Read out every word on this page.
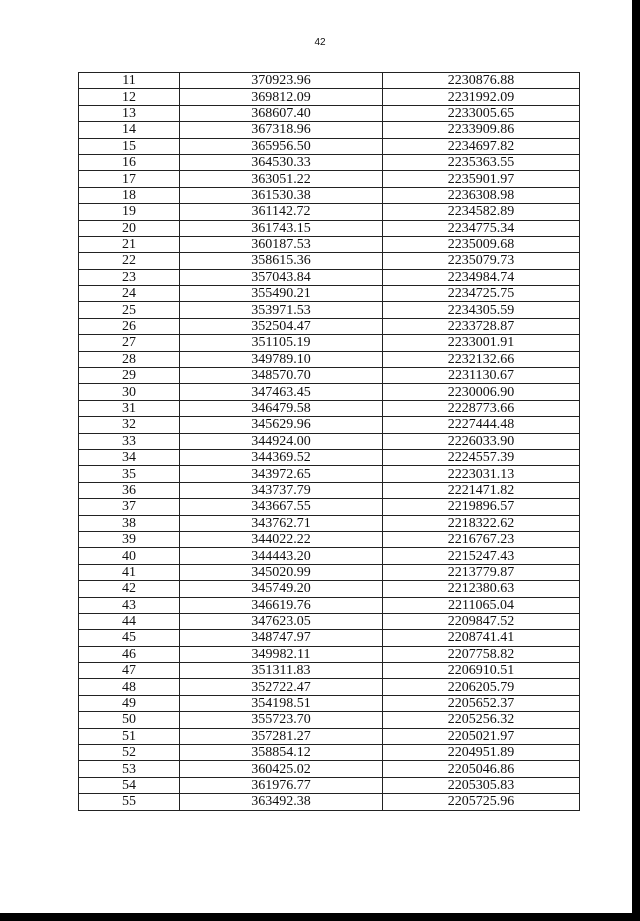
42
11	370923.96	2230876.88
12	369812.09	2231992.09
13	368607.40	2233005.65
14	367318.96	2233909.86
15	365956.50	2234697.82
16	364530.33	2235363.55
17	363051.22	2235901.97
18	361530.38	2236308.98
19	361142.72	2234582.89
20	361743.15	2234775.34
21	360187.53	2235009.68
22	358615.36	2235079.73
23	357043.84	2234984.74
24	355490.21	2234725.75
25	353971.53	2234305.59
26	352504.47	2233728.87
27	351105.19	2233001.91
28	349789.10	2232132.66
29	348570.70	2231130.67
30	347463.45	2230006.90
31	346479.58	2228773.66
32	345629.96	2227444.48
33	344924.00	2226033.90
34	344369.52	2224557.39
35	343972.65	2223031.13
36	343737.79	2221471.82
37	343667.55	2219896.57
38	343762.71	2218322.62
39	344022.22	2216767.23
40	344443.20	2215247.43
41	345020.99	2213779.87
42	345749.20	2212380.63
43	346619.76	2211065.04
44	347623.05	2209847.52
45	348747.97	2208741.41
46	349982.11	2207758.82
47	351311.83	2206910.51
48	352722.47	2206205.79
49	354198.51	2205652.37
50	355723.70	2205256.32
51	357281.27	2205021.97
52	358854.12	2204951.89
53	360425.02	2205046.86
54	361976.77	2205305.83
55	363492.38	2205725.96
